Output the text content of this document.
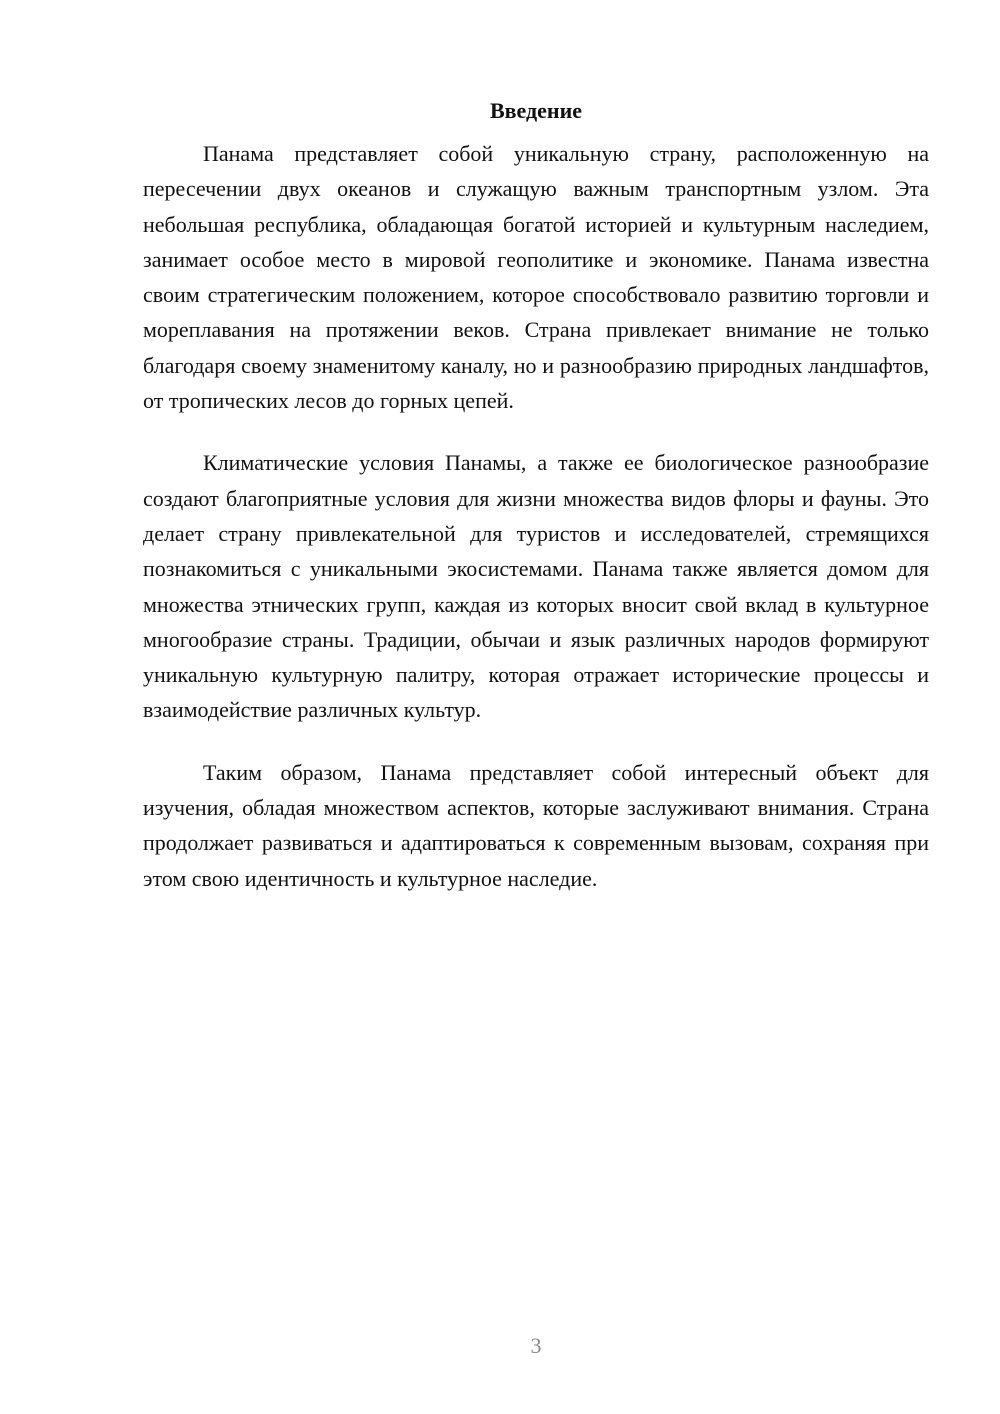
Введение

Панама представляет собой уникальную страну, расположенную на пересечении двух океанов и служащую важным транспортным узлом. Эта небольшая республика, обладающая богатой историей и культурным наследием, занимает особое место в мировой геополитике и экономике. Панама известна своим стратегическим положением, которое способствовало развитию торговли и мореплавания на протяжении веков. Страна привлекает внимание не только благодаря своему знаменитому каналу, но и разнообразию природных ландшафтов, от тропических лесов до горных цепей.

Климатические условия Панамы, а также ее биологическое разнообразие создают благоприятные условия для жизни множества видов флоры и фауны. Это делает страну привлекательной для туристов и исследователей, стремящихся познакомиться с уникальными экосистемами. Панама также является домом для множества этнических групп, каждая из которых вносит свой вклад в культурное многообразие страны. Традиции, обычаи и язык различных народов формируют уникальную культурную палитру, которая отражает исторические процессы и взаимодействие различных культур.

Таким образом, Панама представляет собой интересный объект для изучения, обладая множеством аспектов, которые заслуживают внимания. Страна продолжает развиваться и адаптироваться к современным вызовам, сохраняя при этом свою идентичность и культурное наследие.

3
